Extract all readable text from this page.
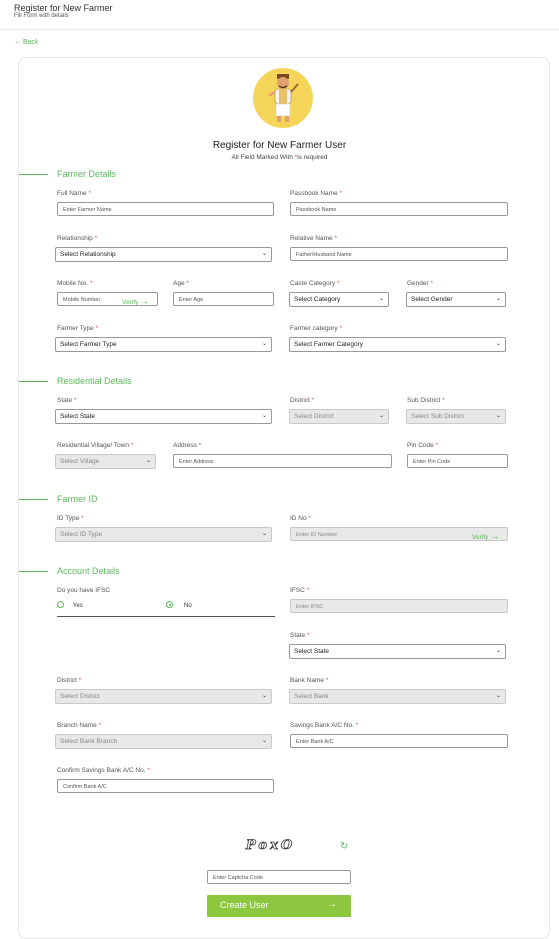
Register for New Farmer
Fill Form with details
← Back
Register for New Farmer User
All Field Marked With *is required
Farmer Details
Full Name *
Enter Farmer Name
Passbook Name *
Passbook Name
Relationship *
Select Relationship	⌄
Relative Name *
Father/Husband Name
Mobile No. *
Mobile Number	Verify →
Age *
Enter Age
Caste Category *
Select Category	⌄
Gender *
Select Gender	⌄
Farmer Type *
Select Farmer Type	⌄
Farmer category *
Select Farmer Category	⌄
Residential Details
State *
Select State	⌄
District *
Select District	⌄
Sub District *
Select Sub District	⌄
Residential Village/ Town *
Select Village	⌄
Address *
Enter Address
Pin Code *
Enter Pin Code
Farmer ID
ID Type *
Select ID Type	⌄
ID No *
Enter ID Number	Verify →
Account Details
Do you have IFSC
Yes	No
IFSC *
Enter IFSC
State *
Select State	⌄
District *
Select District	⌄
Bank Name *
Select Bank	⌄
Branch Name *
Select Bank Branch	⌄
Savings Bank A/C No. *
Enter Bank A/C
Confirm Savings Bank A/C No. *
Confirm Bank A/C
PoxO	↻
Enter Captcha Code
Create User	→
